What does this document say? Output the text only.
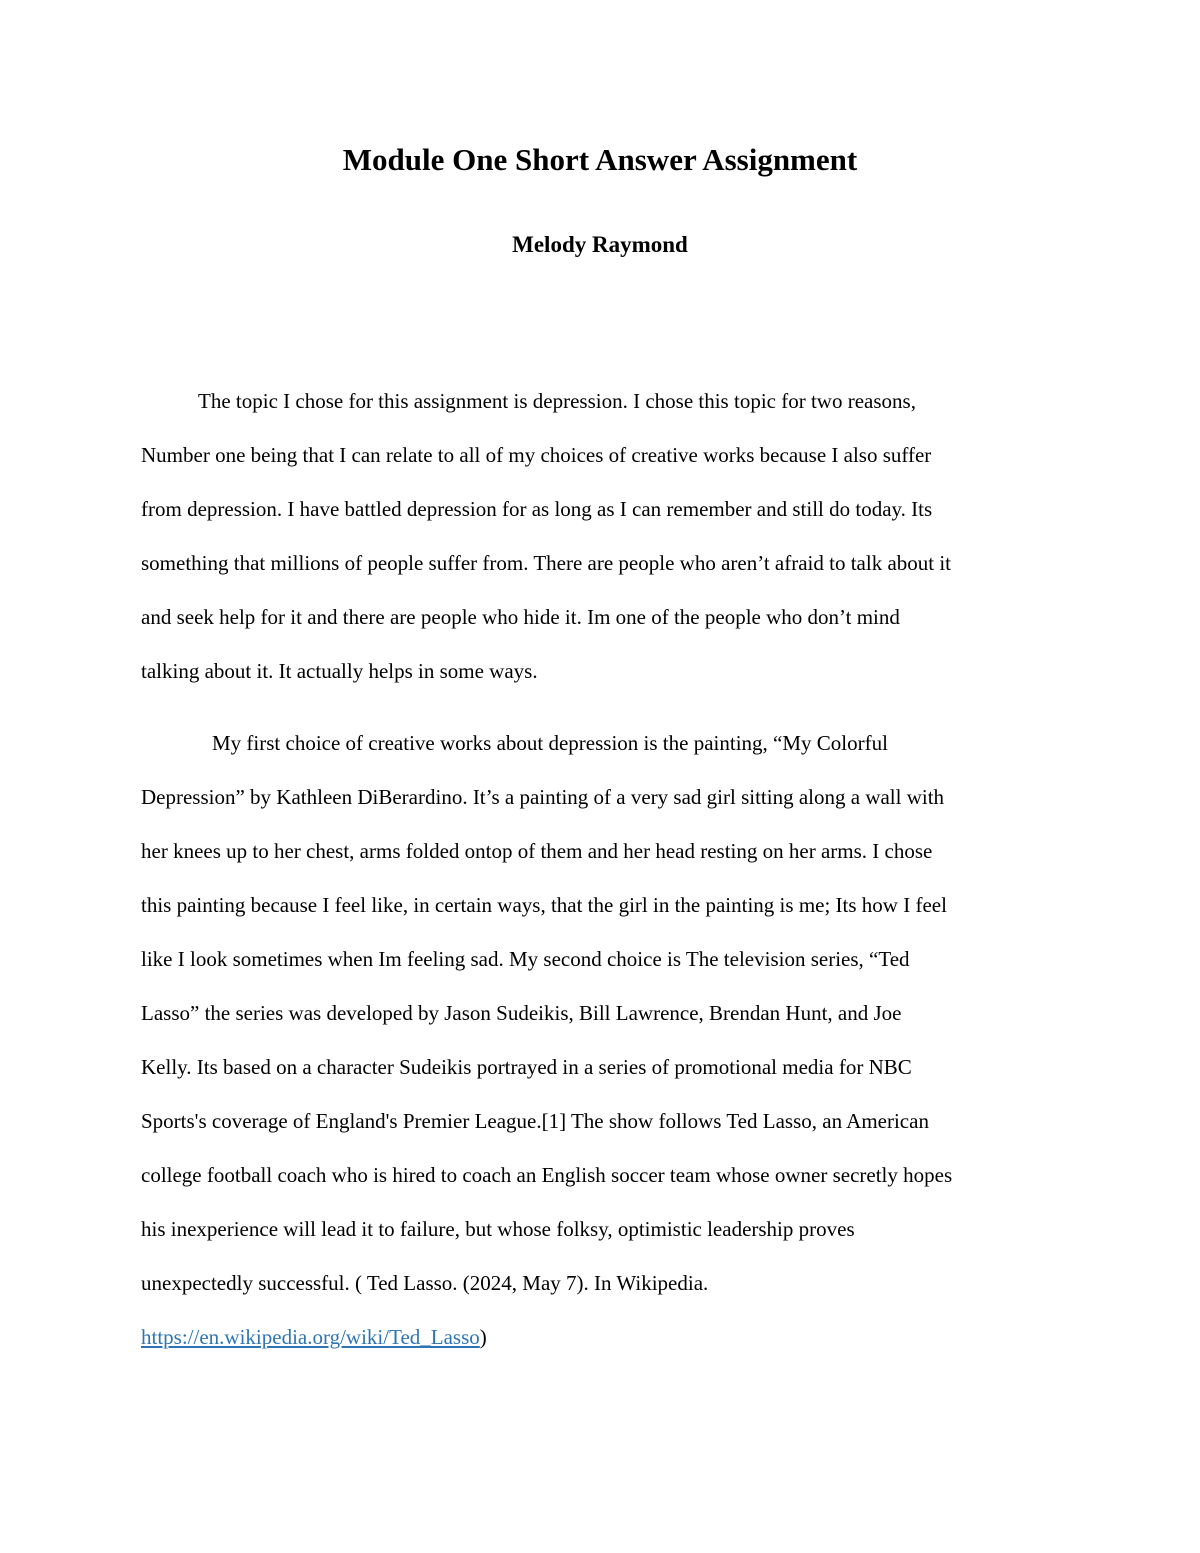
Module One Short Answer Assignment
Melody Raymond
The topic I chose for this assignment is depression. I chose this topic for two reasons,
Number one being that I can relate to all of my choices of creative works because I also suffer
from depression. I have battled depression for as long as I can remember and still do today. Its
something that millions of people suffer from. There are people who aren’t afraid to talk about it
and seek help for it and there are people who hide it. Im one of the people who don’t mind
talking about it. It actually helps in some ways.
My first choice of creative works about depression is the painting, “My Colorful
Depression” by Kathleen DiBerardino. It’s a painting of a very sad girl sitting along a wall with
her knees up to her chest, arms folded ontop of them and her head resting on her arms. I chose
this painting because I feel like, in certain ways, that the girl in the painting is me; Its how I feel
like I look sometimes when Im feeling sad. My second choice is The television series, “Ted
Lasso” the series was developed by Jason Sudeikis, Bill Lawrence, Brendan Hunt, and Joe
Kelly. Its based on a character Sudeikis portrayed in a series of promotional media for NBC
Sports's coverage of England's Premier League.[1] The show follows Ted Lasso, an American
college football coach who is hired to coach an English soccer team whose owner secretly hopes
his inexperience will lead it to failure, but whose folksy, optimistic leadership proves
unexpectedly successful. ( Ted Lasso. (2024, May 7). In Wikipedia.
https://en.wikipedia.org/wiki/Ted_Lasso)
